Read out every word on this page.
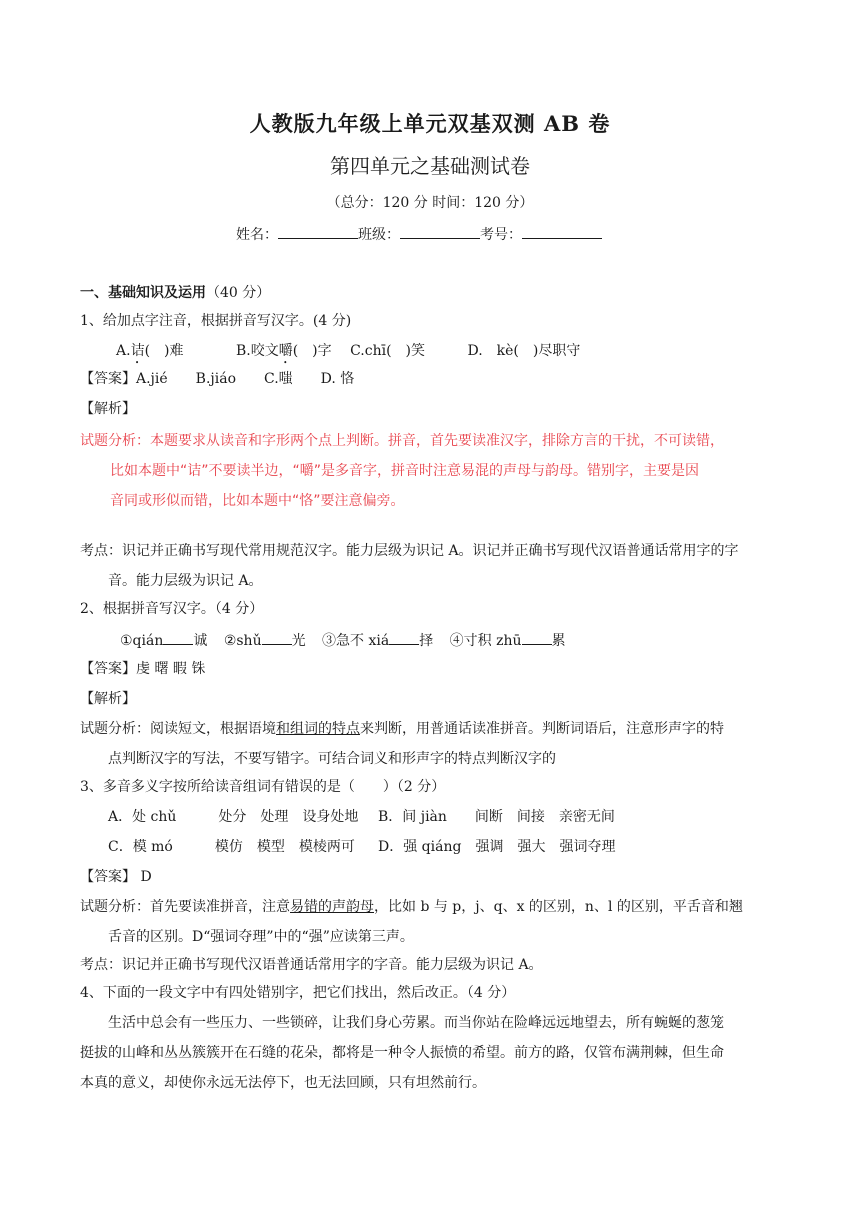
人教版九年级上单元双基双测 AB 卷
第四单元之基础测试卷
（总分：120 分 时间：120 分）
姓名：	班级：	考号：
一、基础知识及运用（40 分）
1、给加点字注音，根据拼音写汉字。(4 分)
A.诘(　)难	B.咬文嚼(　)字 C.chī(　)笑	D.　kè(　)尽职守
【答案】A.jié　　B.jiáo　　C.嗤　　D. 恪
【解析】
试题分析：本题要求从读音和字形两个点上判断。拼音，首先要读准汉字，排除方言的干扰，不可读错，
比如本题中“诘”不要读半边，“嚼”是多音字，拼音时注意易混的声母与韵母。错别字，主要是因
音同或形似而错，比如本题中“恪”要注意偏旁。
考点：识记并正确书写现代常用规范汉字。能力层级为识记 A。识记并正确书写现代汉语普通话常用字的字
音。能力层级为识记 A。
2、根据拼音写汉字。（4 分）
①qián 诚 ②shǔ 光 ③急不 xiá 择 ④寸积 zhū 累
【答案】虔 曙 暇 铢
【解析】
试题分析：阅读短文，根据语境和组词的特点来判断，用普通话读准拼音。判断词语后，注意形声字的特
点判断汉字的写法，不要写错字。可结合词义和形声字的特点判断汉字的
3、多音多义字按所给读音组词有错误的是（　　）（2 分）
A．处 chǔ　　　处分　处理　设身处地 B．间 jiàn　　间断　间接　亲密无间
C．模 mó　　　模仿　模型　模棱两可 D．强 qiáng　强调　强大　强词夺理
【答案】 D
试题分析：首先要读准拼音，注意易错的声韵母，比如 b 与 p，j、q、x 的区别，n、l 的区别，平舌音和翘
舌音的区别。D“强词夺理”中的“强”应读第三声。
考点：识记并正确书写现代汉语普通话常用字的字音。能力层级为识记 A。
4、下面的一段文字中有四处错别字，把它们找出，然后改正。（4 分）
生活中总会有一些压力、一些锁碎，让我们身心劳累。而当你站在险峰远远地望去，所有蜿蜒的葱笼
挺拔的山峰和丛丛簇簇开在石缝的花朵，都将是一种令人振愤的希望。前方的路，仅管布满荆棘，但生命
本真的意义，却使你永远无法停下，也无法回顾，只有坦然前行。
